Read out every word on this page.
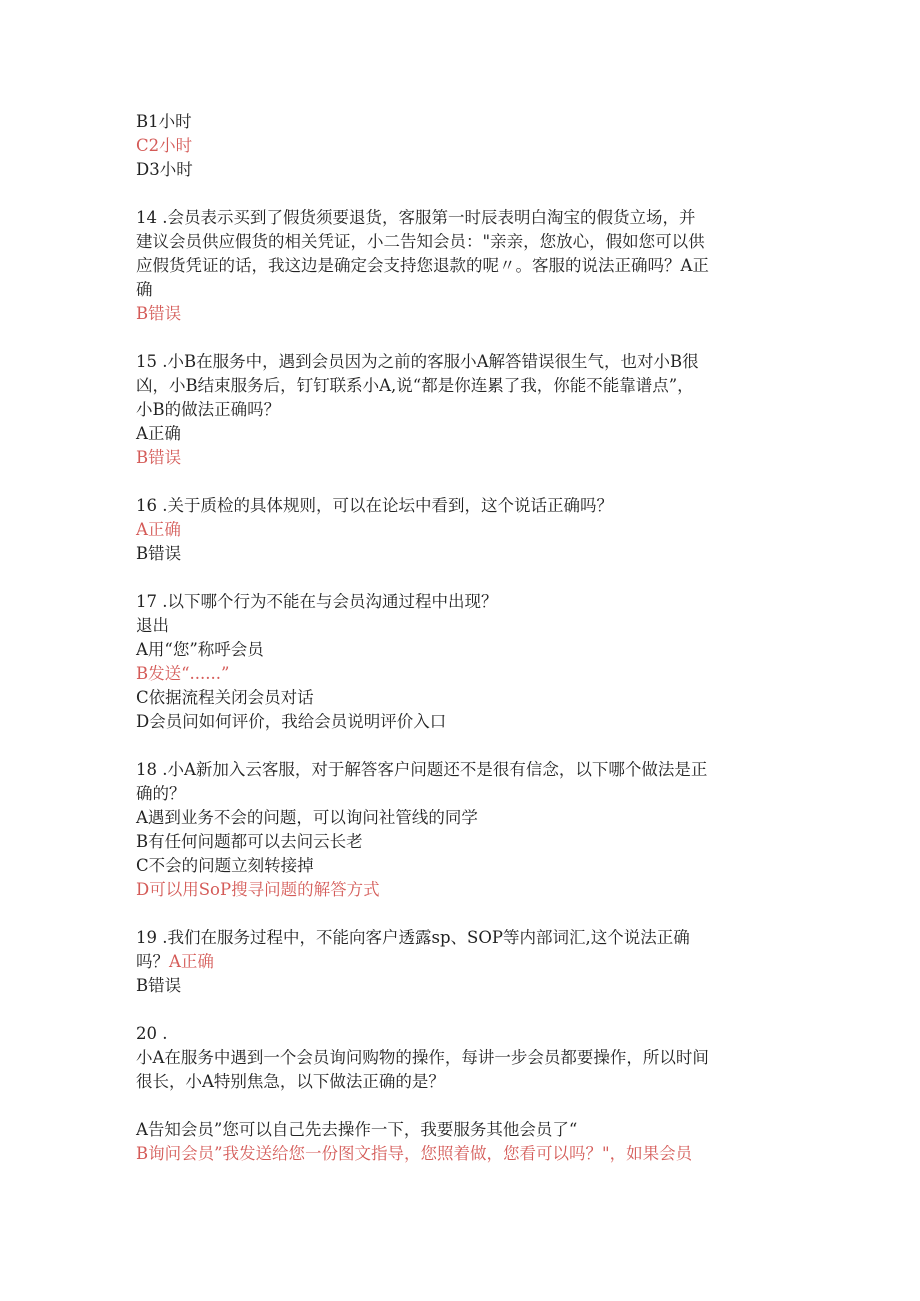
B1小时
C2小时
D3小时
14 .会员表示买到了假货须要退货，客服第一时辰表明白淘宝的假货立场，并
建议会员供应假货的相关凭证，小二告知会员："亲亲，您放心，假如您可以供
应假货凭证的话，我这边是确定会支持您退款的呢〃。客服的说法正确吗？A正
确
B错误
15 .小B在服务中，遇到会员因为之前的客服小A解答错误很生气，也对小B很
凶，小B结束服务后，钉钉联系小A,说“都是你连累了我，你能不能靠谱点”，
小B的做法正确吗？
A正确
B错误
16 .关于质检的具体规则，可以在论坛中看到，这个说话正确吗？
A正确
B错误
17 .以下哪个行为不能在与会员沟通过程中出现？
退出
A用“您”称呼会员
B发送“......”
C依据流程关闭会员对话
D会员问如何评价，我给会员说明评价入口
18 .小A新加入云客服，对于解答客户问题还不是很有信念，以下哪个做法是正
确的？
A遇到业务不会的问题，可以询问社管线的同学
B有任何问题都可以去问云长老
C不会的问题立刻转接掉
D可以用SoP搜寻问题的解答方式
19 .我们在服务过程中，不能向客户透露sp、SOP等内部词汇,这个说法正确
吗？A正确
B错误
20 .
小A在服务中遇到一个会员询问购物的操作，每讲一步会员都要操作，所以时间
很长，小A特别焦急，以下做法正确的是？
A告知会员”您可以自己先去操作一下，我要服务其他会员了“
B询问会员”我发送给您一份图文指导，您照着做，您看可以吗？"，如果会员
